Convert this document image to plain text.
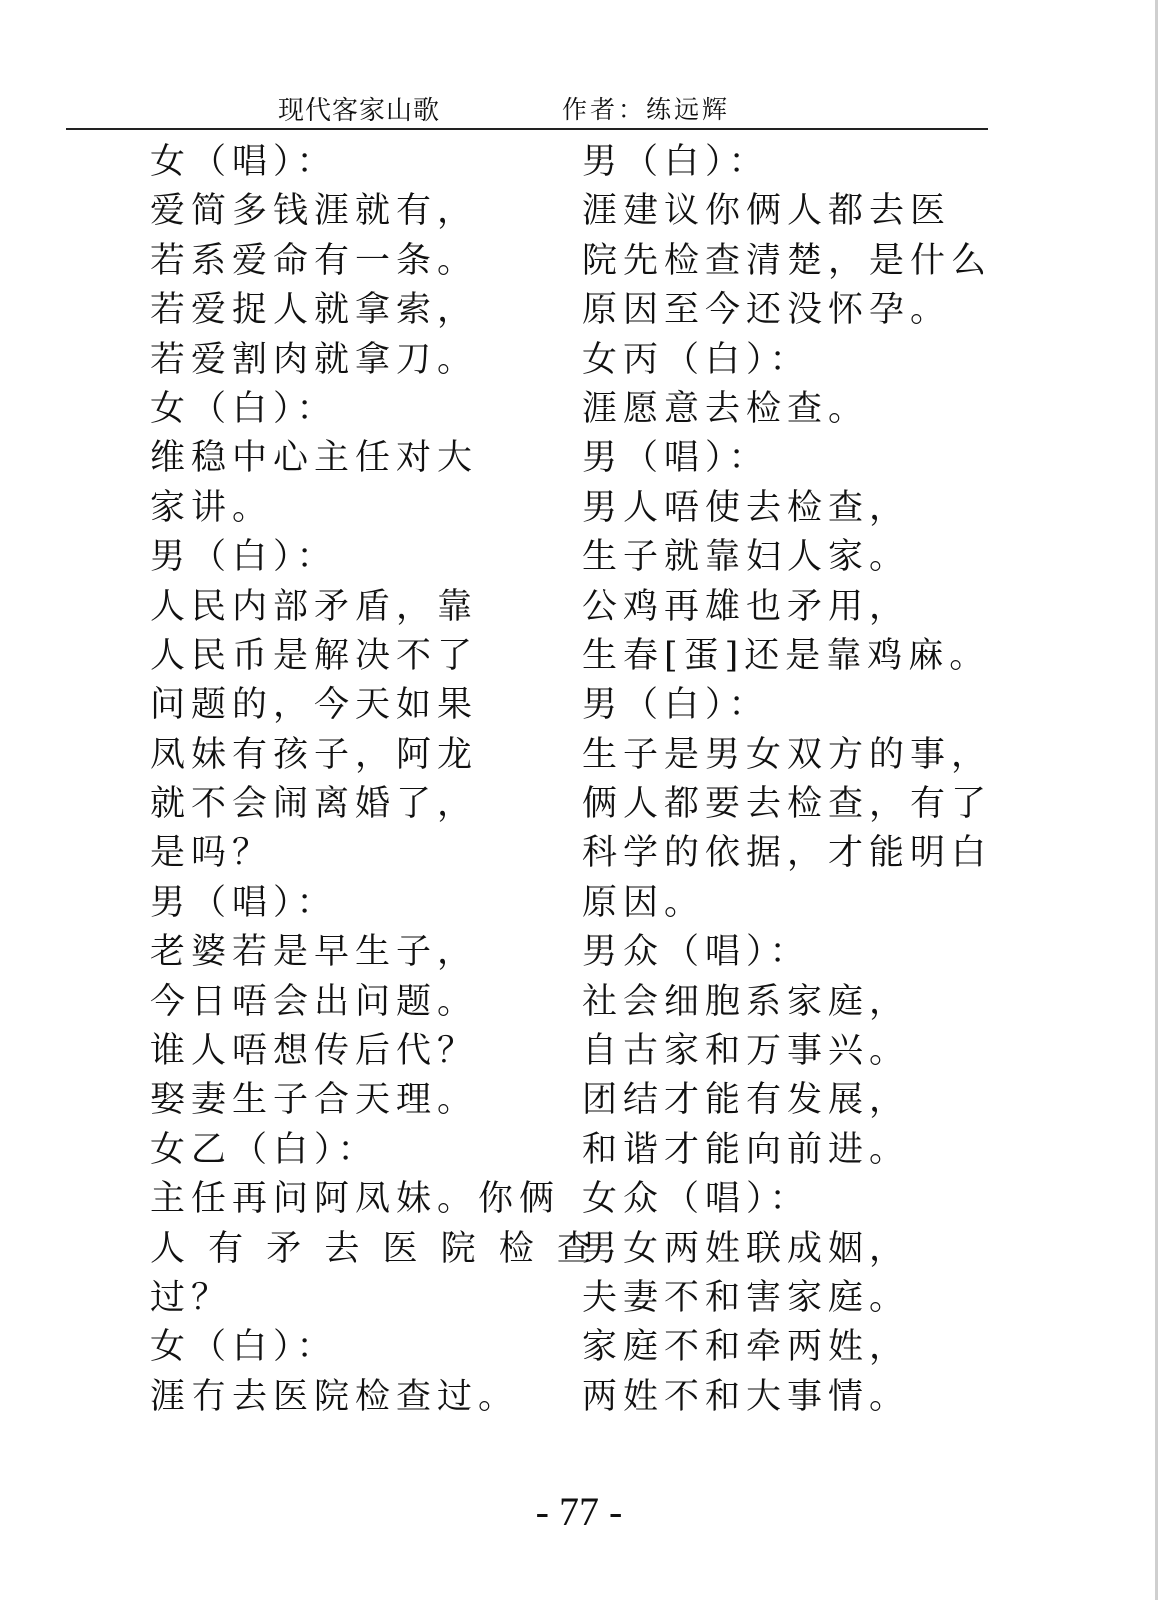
现代客家山歌	作者：练远辉
女（唱）：
爱简多钱涯就有，
若系爱命有一条。
若爱捉人就拿索，
若爱割肉就拿刀。
女（白）：
维稳中心主任对大
家讲。
男（白）：
人民内部矛盾，靠
人民币是解决不了
问题的，今天如果
凤妹有孩子，阿龙
就不会闹离婚了，
是吗？
男（唱）：
老婆若是早生子，
今日唔会出问题。
谁人唔想传后代？
娶妻生子合天理。
女乙（白）：
主任再问阿凤妹。你俩
人 有 矛 去 医 院 检 查
过？
女（白）：
涯冇去医院检查过。
男（白）：
涯建议你俩人都去医
院先检查清楚，是什么
原因至今还没怀孕。
女丙（白）：
涯愿意去检查。
男（唱）：
男人唔使去检查，
生子就靠妇人家。
公鸡再雄也矛用，
生春[蛋]还是靠鸡麻。
男（白）：
生子是男女双方的事，
俩人都要去检查，有了
科学的依据，才能明白
原因。
男众（唱）：
社会细胞系家庭，
自古家和万事兴。
团结才能有发展，
和谐才能向前进。
女众（唱）：
男女两姓联成姻，
夫妻不和害家庭。
家庭不和牵两姓，
两姓不和大事情。
- 77 -
